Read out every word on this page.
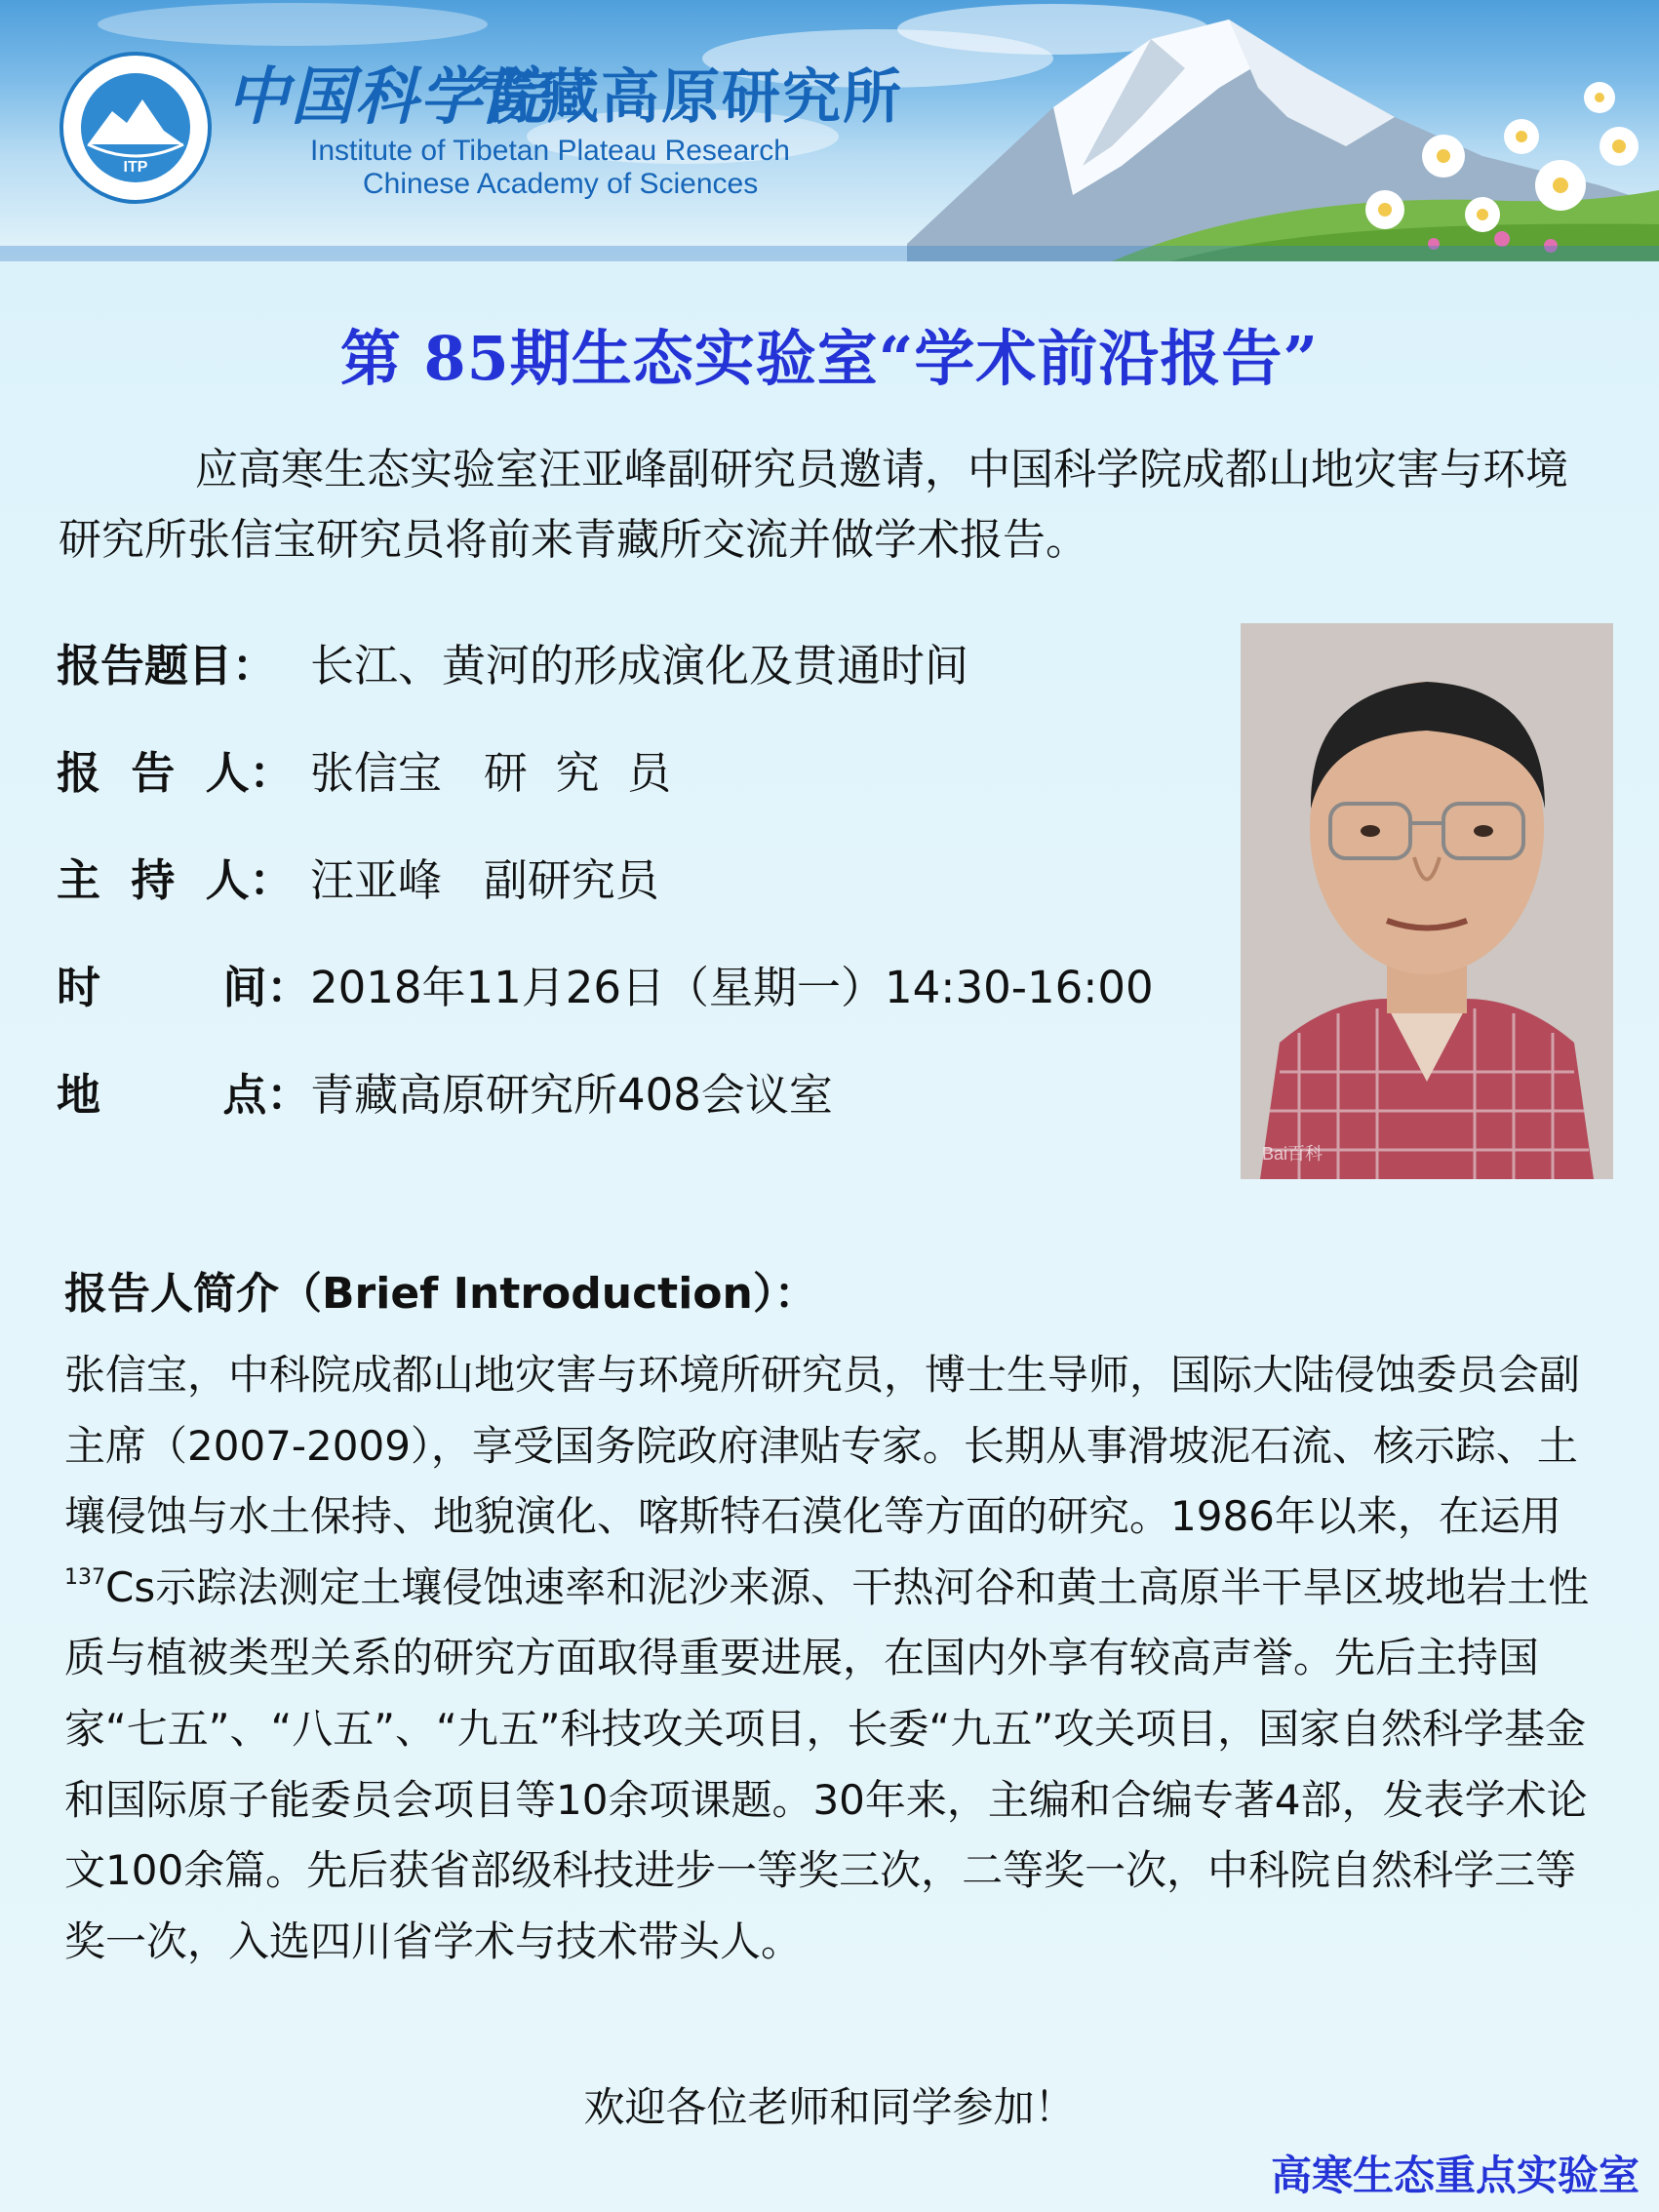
ITP
中国科学院
青藏高原研究所
Institute of Tibetan Plateau Research
Chinese Academy of Sciences
第 85期生态实验室“学术前沿报告”
应高寒生态实验室汪亚峰副研究员邀请，中国科学院成都山地灾害与环境研究所张信宝研究员将前来青藏所交流并做学术报告。
报告题目： 长江、黄河的形成演化及贯通时间
报  告  人： 张信宝   研  究  员
主  持  人： 汪亚峰   副研究员
时        间：2018年11月26日（星期一）14:30-16:00
地        点：青藏高原研究所408会议室
Bai百科
报告人简介（Brief Introduction）：
张信宝，中科院成都山地灾害与环境所研究员，博士生导师，国际大陆侵蚀委员会副主席（2007-2009），享受国务院政府津贴专家。长期从事滑坡泥石流、核示踪、土壤侵蚀与水土保持、地貌演化、喀斯特石漠化等方面的研究。1986年以来，在运用$^{137}$Cs示踪法测定土壤侵蚀速率和泥沙来源、干热河谷和黄土高原半干旱区坡地岩土性质与植被类型关系的研究方面取得重要进展，在国内外享有较高声誉。先后主持国家“七五”、“八五”、“九五”科技攻关项目，长委“九五”攻关项目，国家自然科学基金和国际原子能委员会项目等10余项课题。30年来，主编和合编专著4部，发表学术论文100余篇。先后获省部级科技进步一等奖三次，二等奖一次，中科院自然科学三等奖一次，入选四川省学术与技术带头人。
欢迎各位老师和同学参加！
高寒生态重点实验室
